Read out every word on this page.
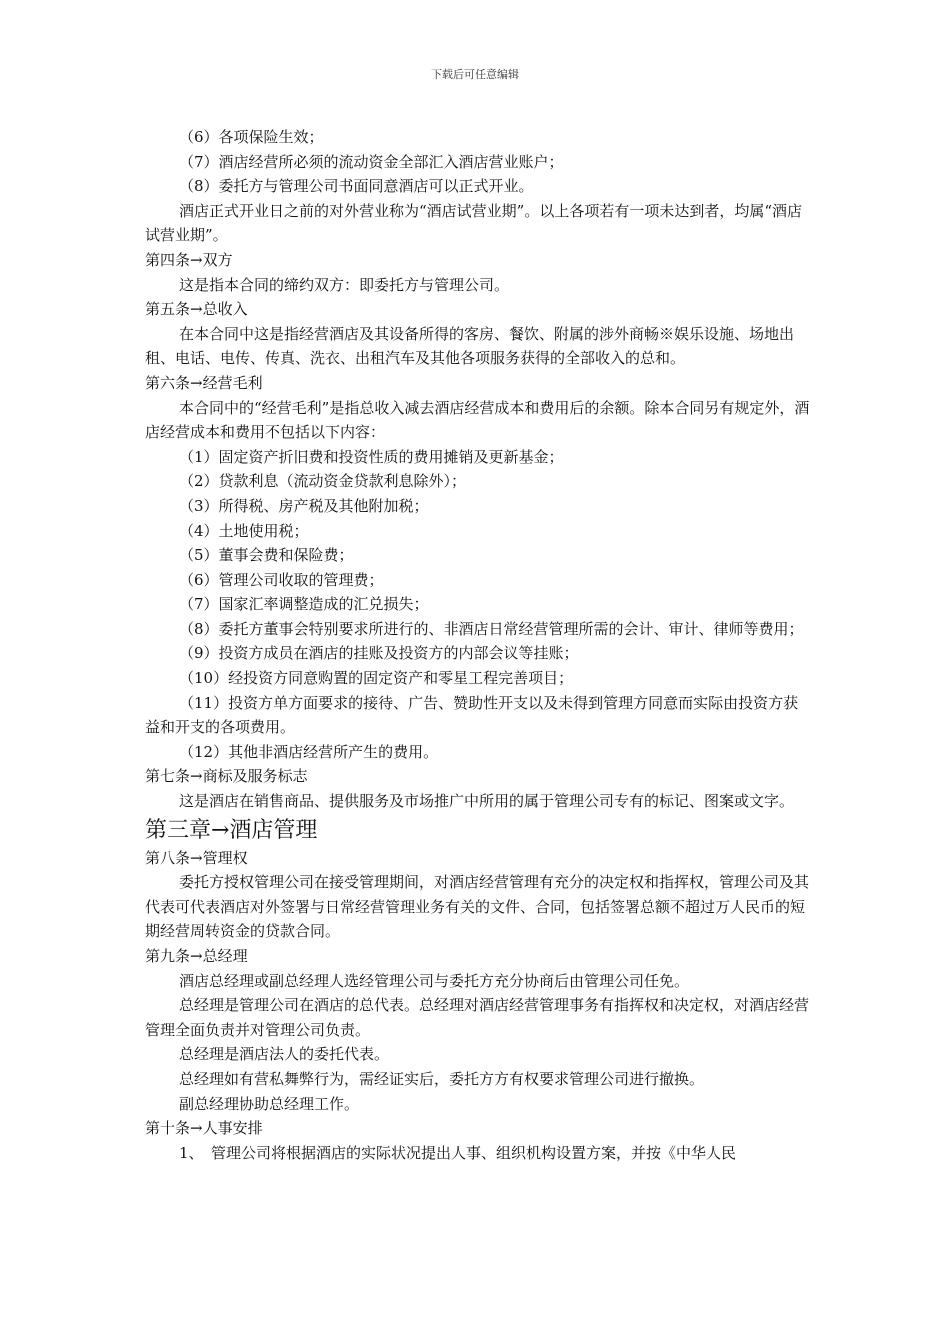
下载后可任意编辑
（6）各项保险生效；
（7）酒店经营所必须的流动资金全部汇入酒店营业账户；
（8）委托方与管理公司书面同意酒店可以正式开业。
酒店正式开业日之前的对外营业称为“酒店试营业期”。以上各项若有一项未达到者，均属“酒店试营业期”。
第四条→双方
这是指本合同的缔约双方：即委托方与管理公司。
第五条→总收入
在本合同中这是指经营酒店及其设备所得的客房、餐饮、附属的涉外商畅※娱乐设施、场地出租、电话、电传、传真、洗衣、出租汽车及其他各项服务获得的全部收入的总和。
第六条→经营毛利
本合同中的“经营毛利”是指总收入减去酒店经营成本和费用后的余额。除本合同另有规定外，酒店经营成本和费用不包括以下内容：
（1）固定资产折旧费和投资性质的费用摊销及更新基金；
（2）贷款利息（流动资金贷款利息除外）；
（3）所得税、房产税及其他附加税；
（4）土地使用税；
（5）董事会费和保险费；
（6）管理公司收取的管理费；
（7）国家汇率调整造成的汇兑损失；
（8）委托方董事会特别要求所进行的、非酒店日常经营管理所需的会计、审计、律师等费用；
（9）投资方成员在酒店的挂账及投资方的内部会议等挂账；
（10）经投资方同意购置的固定资产和零星工程完善项目；
（11）投资方单方面要求的接待、广告、赞助性开支以及未得到管理方同意而实际由投资方获益和开支的各项费用。
（12）其他非酒店经营所产生的费用。
第七条→商标及服务标志
这是酒店在销售商品、提供服务及市场推广中所用的属于管理公司专有的标记、图案或文字。
第三章→酒店管理
第八条→管理权
委托方授权管理公司在接受管理期间，对酒店经营管理有充分的决定权和指挥权，管理公司及其代表可代表酒店对外签署与日常经营管理业务有关的文件、合同，包括签署总额不超过万人民币的短期经营周转资金的贷款合同。
第九条→总经理
酒店总经理或副总经理人选经管理公司与委托方充分协商后由管理公司任免。
总经理是管理公司在酒店的总代表。总经理对酒店经营管理事务有指挥权和决定权，对酒店经营管理全面负责并对管理公司负责。
总经理是酒店法人的委托代表。
总经理如有营私舞弊行为，需经证实后，委托方方有权要求管理公司进行撤换。
副总经理协助总经理工作。
第十条→人事安排
1、　管理公司将根据酒店的实际状况提出人事、组织机构设置方案，并按《中华人民
